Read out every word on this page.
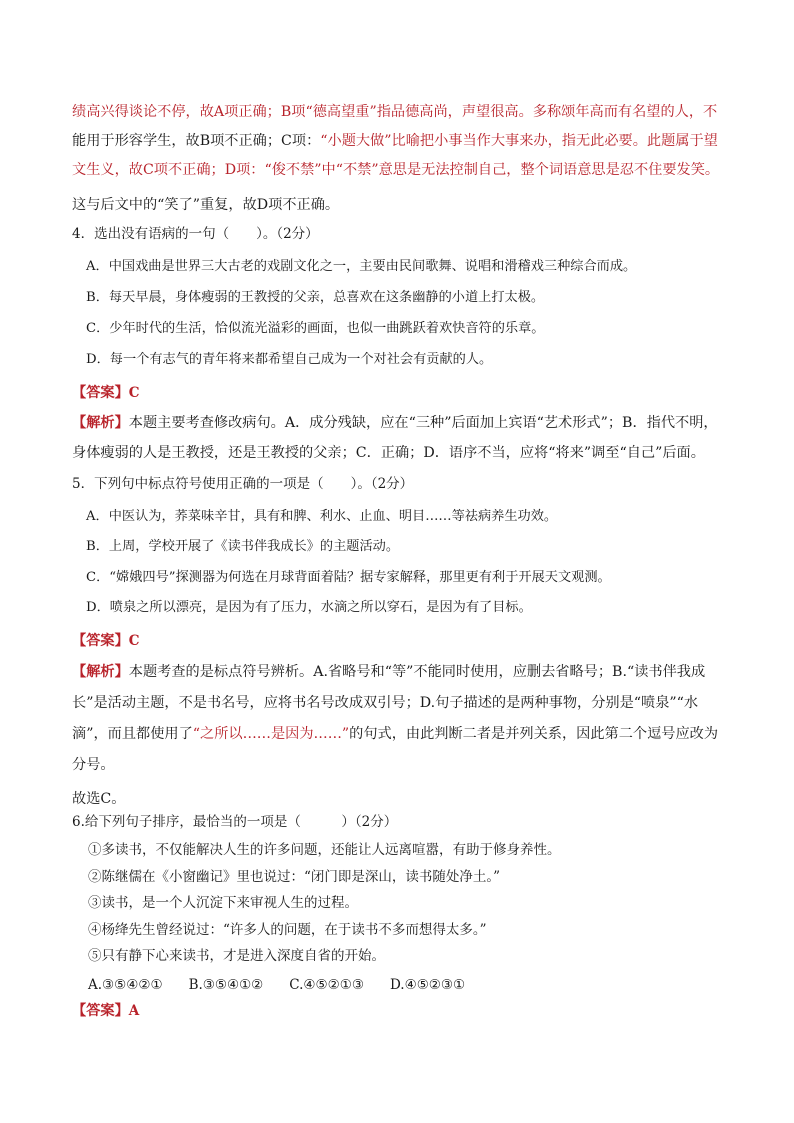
绩高兴得谈论不停，故A项正确；B项“德高望重”指品德高尚，声望很高。多称颂年高而有名望的人，不
能用于形容学生，故B项不正确；C项：“小题大做”比喻把小事当作大事来办，指无此必要。此题属于望
文生义，故C项不正确；D项：“俊不禁”中“不禁”意思是无法控制自己，整个词语意思是忍不住要发笑。
这与后文中的“笑了”重复，故D项不正确。
4．选出没有语病的一句（　　）。（2分）
A．中国戏曲是世界三大古老的戏剧文化之一，主要由民间歌舞、说唱和滑稽戏三种综合而成。
B．每天早晨，身体瘦弱的王教授的父亲，总喜欢在这条幽静的小道上打太极。
C．少年时代的生活，恰似流光溢彩的画面，也似一曲跳跃着欢快音符的乐章。
D．每一个有志气的青年将来都希望自己成为一个对社会有贡献的人。
【答案】C
【解析】本题主要考查修改病句。A．成分残缺，应在“三种”后面加上宾语“艺术形式”；B．指代不明，
身体瘦弱的人是王教授，还是王教授的父亲；C．正确；D．语序不当，应将“将来”调至“自己”后面。
5．下列句中标点符号使用正确的一项是（　　）。（2分）
A．中医认为，荞菜味辛甘，具有和脾、利水、止血、明目……等祛病养生功效。
B．上周，学校开展了《读书伴我成长》的主题活动。
C．“嫦娥四号”探测器为何选在月球背面着陆？据专家解释，那里更有利于开展天文观测。
D．喷泉之所以漂亮，是因为有了压力，水滴之所以穿石，是因为有了目标。
【答案】C
【解析】本题考查的是标点符号辨析。A.省略号和“等”不能同时使用，应删去省略号；B.“读书伴我成
长”是活动主题，不是书名号，应将书名号改成双引号；D.句子描述的是两种事物，分别是“喷泉”“水
滴”，而且都使用了“之所以……是因为……”的句式，由此判断二者是并列关系，因此第二个逗号应改为
分号。
故选C。
6.给下列句子排序，最恰当的一项是（　　　）（2分）
①多读书，不仅能解决人生的许多问题，还能让人远离喧嚣，有助于修身养性。
②陈继儒在《小窗幽记》里也说过：“闭门即是深山，读书随处净土。”
③读书，是一个人沉淀下来审视人生的过程。
④杨绛先生曾经说过：“许多人的问题，在于读书不多而想得太多。”
⑤只有静下心来读书，才是进入深度自省的开始。
A.③⑤④②① B.③⑤④①② C.④⑤②①③ D.④⑤②③①
【答案】A
